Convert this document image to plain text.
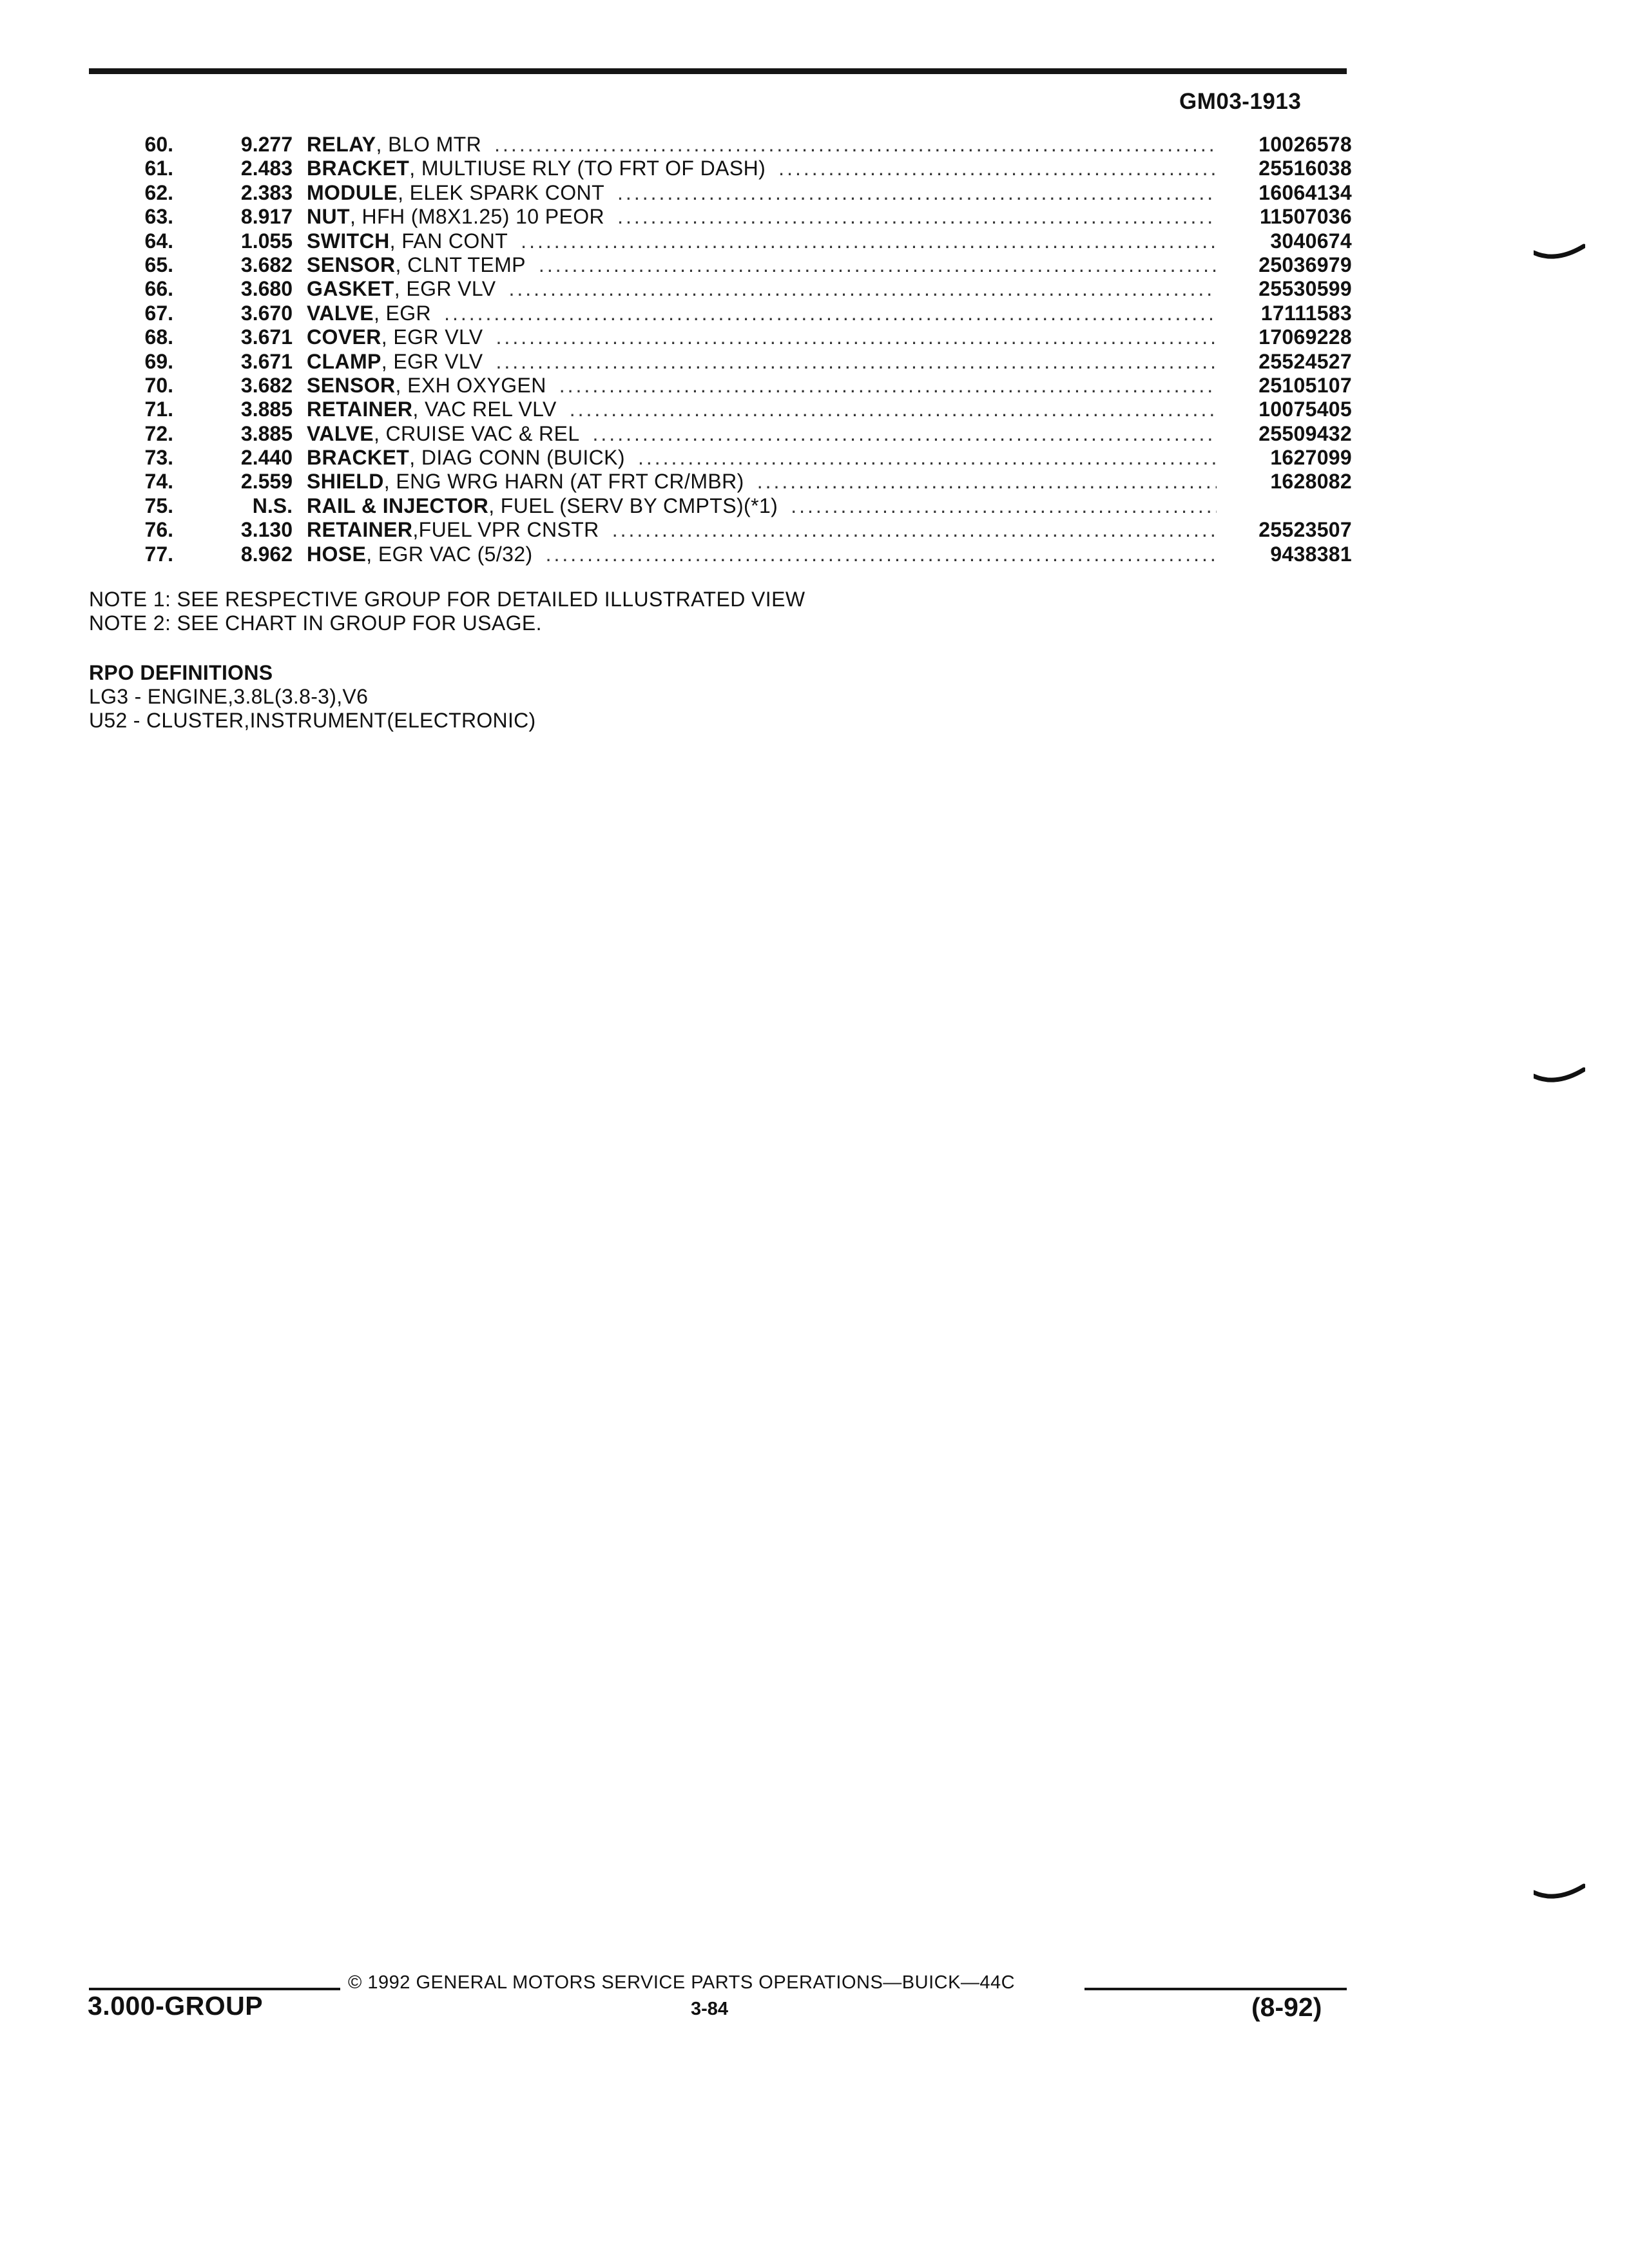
GM03-1913
60.	9.277 RELAY , BLO MTR .....	10026578
61.	2.483 BRACKET , MULTIUSE RLY (TO FRT OF DASH) .....	25516038
62.	2.383 MODULE , ELEK SPARK CONT .....	16064134
63.	8.917 NUT , HFH (M8X1.25) 10 PEOR .....	11507036
64.	1.055 SWITCH , FAN CONT .....	3040674
65.	3.682 SENSOR , CLNT TEMP .....	25036979
66.	3.680 GASKET , EGR VLV .....	25530599
67.	3.670 VALVE , EGR .....	17111583
68.	3.671 COVER , EGR VLV .....	17069228
69.	3.671 CLAMP , EGR VLV .....	25524527
70.	3.682 SENSOR , EXH OXYGEN .....	25105107
71.	3.885 RETAINER , VAC REL VLV .....	10075405
72.	3.885 VALVE , CRUISE VAC & REL .....	25509432
73.	2.440 BRACKET , DIAG CONN (BUICK) .....	1627099
74.	2.559 SHIELD , ENG WRG HARN (AT FRT CR/MBR) .....	1628082
75.	N.S. RAIL & INJECTOR , FUEL (SERV BY CMPTS)(*1)
.....
76.	3.130 RETAINER ,FUEL VPR CNSTR .....	25523507
77.	8.962 HOSE , EGR VAC (5/32) .....	9438381
NOTE 1: SEE RESPECTIVE GROUP FOR DETAILED ILLUSTRATED VIEW
NOTE 2: SEE CHART IN GROUP FOR USAGE.
RPO DEFINITIONS
LG3 - ENGINE,3.8L(3.8-3),V6
U52 - CLUSTER,INSTRUMENT(ELECTRONIC)
© 1992 GENERAL MOTORS SERVICE PARTS OPERATIONS—BUICK—44C
3.000-GROUP	3-84	(8-92)
